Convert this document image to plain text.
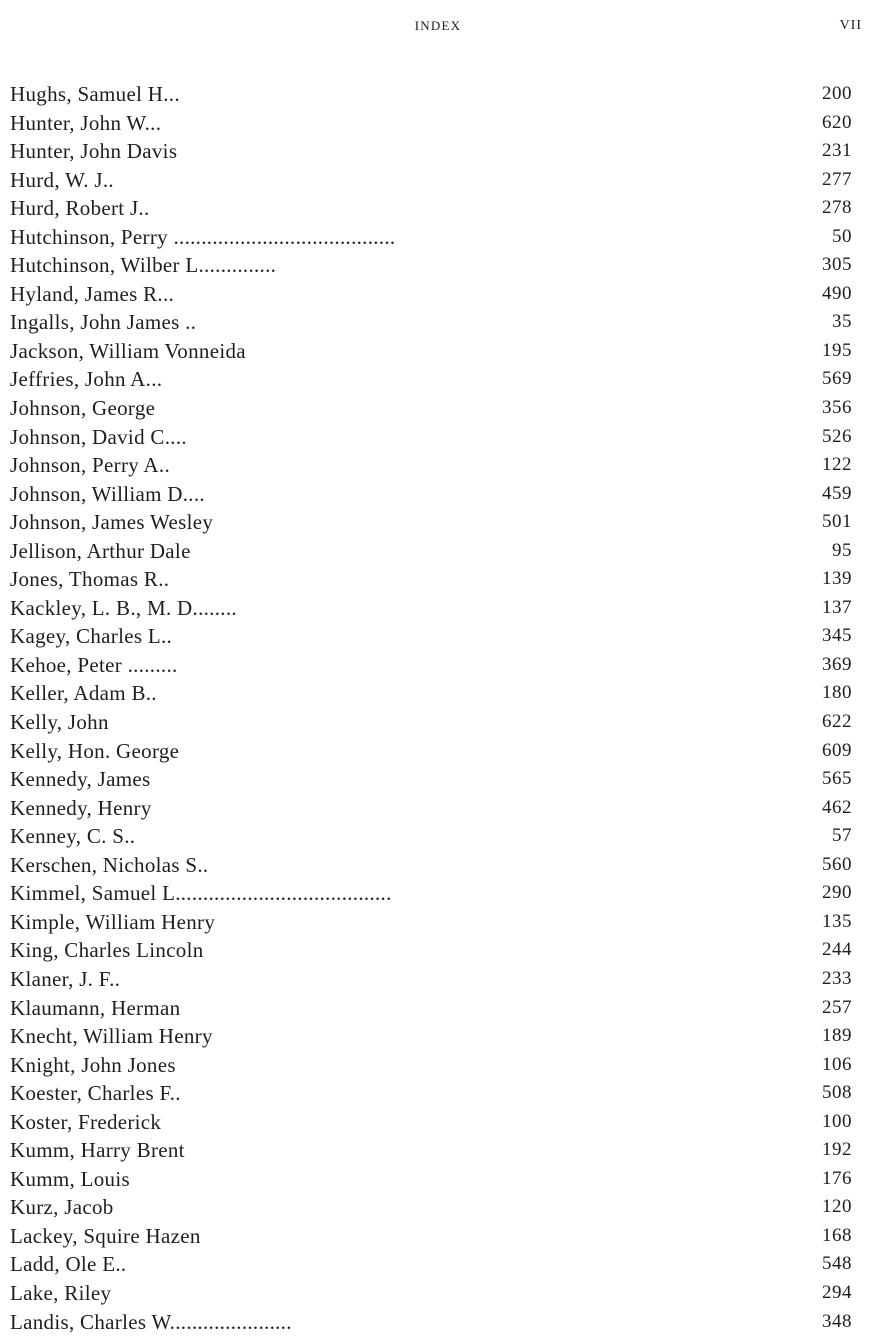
INDEX	VII
Hughs, Samuel H...	200
Hunter, John W...	620
Hunter, John Davis	231
Hurd, W. J..	277
Hurd, Robert J..	278
Hutchinson, Perry ........................................	50
Hutchinson, Wilber L..............	305
Hyland, James R...	490
Ingalls, John James ..	35
Jackson, William Vonneida	195
Jeffries, John A...	569
Johnson, George	356
Johnson, David C....	526
Johnson, Perry A..	122
Johnson, William D....	459
Johnson, James Wesley	501
Jellison, Arthur Dale	95
Jones, Thomas R..	139
Kackley, L. B., M. D........	137
Kagey, Charles L..	345
Kehoe, Peter .........	369
Keller, Adam B..	180
Kelly, John	622
Kelly, Hon. George	609
Kennedy, James	565
Kennedy, Henry	462
Kenney, C. S..	57
Kerschen, Nicholas S..	560
Kimmel, Samuel L.......................................	290
Kimple, William Henry	135
King, Charles Lincoln	244
Klaner, J. F..	233
Klaumann, Herman	257
Knecht, William Henry	189
Knight, John Jones	106
Koester, Charles F..	508
Koster, Frederick	100
Kumm, Harry Brent	192
Kumm, Louis	176
Kurz, Jacob	120
Lackey, Squire Hazen	168
Ladd, Ole E..	548
Lake, Riley	294
Landis, Charles W......................	348
